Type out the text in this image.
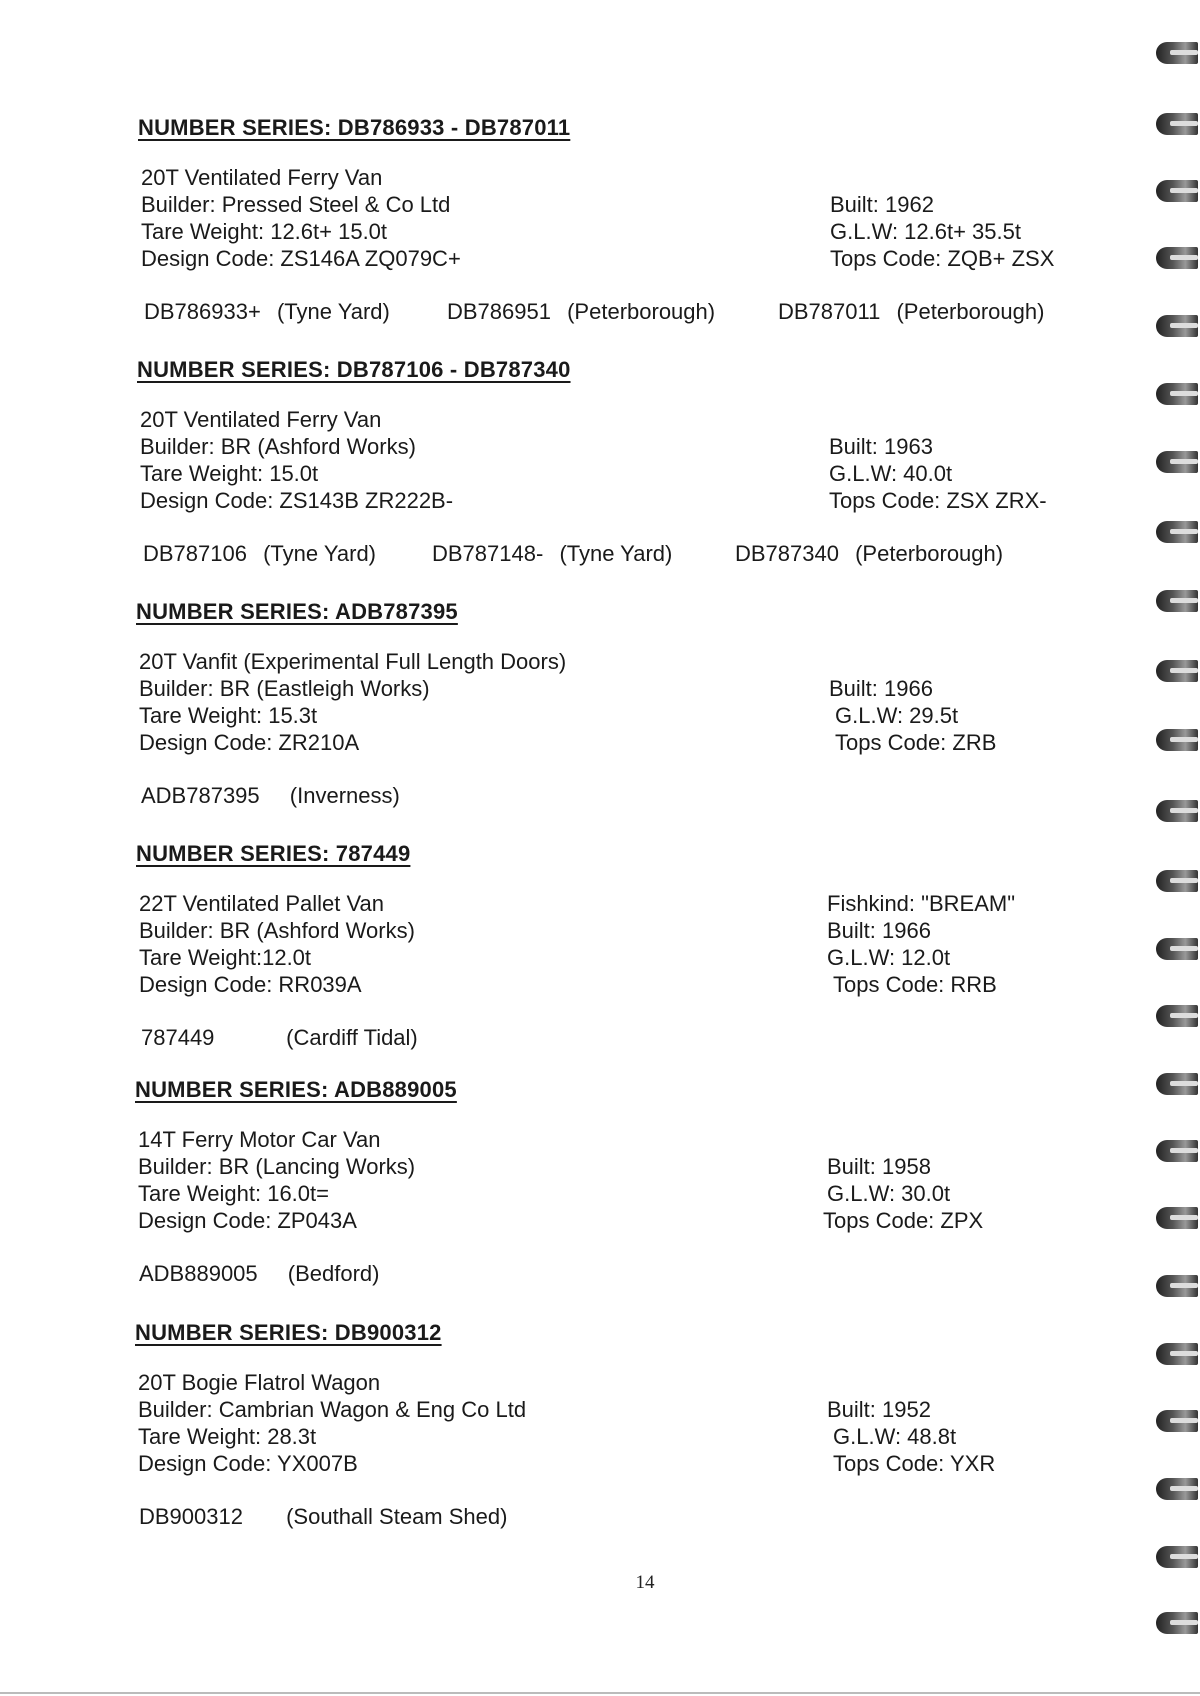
NUMBER SERIES: DB786933 - DB787011
20T Ventilated Ferry Van
Builder: Pressed Steel & Co Ltd
Tare Weight: 12.6t+ 15.0t
Design Code: ZS146A ZQ079C+
Built: 1962
G.L.W: 12.6t+ 35.5t
Tops Code: ZQB+ ZSX
DB786933+ (Tyne Yard)	DB786951 (Peterborough)	DB787011 (Peterborough)
NUMBER SERIES: DB787106 - DB787340
20T Ventilated Ferry Van
Builder: BR (Ashford Works)
Tare Weight: 15.0t
Design Code: ZS143B ZR222B-
Built: 1963
G.L.W: 40.0t
Tops Code: ZSX ZRX-
DB787106 (Tyne Yard)	DB787148- (Tyne Yard)	DB787340 (Peterborough)
NUMBER SERIES: ADB787395
20T Vanfit (Experimental Full Length Doors)
Builder: BR (Eastleigh Works)
Tare Weight: 15.3t
Design Code: ZR210A
Built: 1966
G.L.W: 29.5t
Tops Code: ZRB
ADB787395 (Inverness)
NUMBER SERIES: 787449
22T Ventilated Pallet Van
Builder: BR (Ashford Works)
Tare Weight:12.0t
Design Code: RR039A
Fishkind: "BREAM"
Built: 1966
G.L.W: 12.0t
Tops Code: RRB
787449	(Cardiff Tidal)
NUMBER SERIES: ADB889005
14T Ferry Motor Car Van
Builder: BR (Lancing Works)
Tare Weight: 16.0t=
Design Code: ZP043A
Built: 1958
G.L.W: 30.0t
Tops Code: ZPX
ADB889005 (Bedford)
NUMBER SERIES: DB900312
20T Bogie Flatrol Wagon
Builder: Cambrian Wagon & Eng Co Ltd
Tare Weight: 28.3t
Design Code: YX007B
Built: 1952
G.L.W: 48.8t
Tops Code: YXR
DB900312 (Southall Steam Shed)
14
